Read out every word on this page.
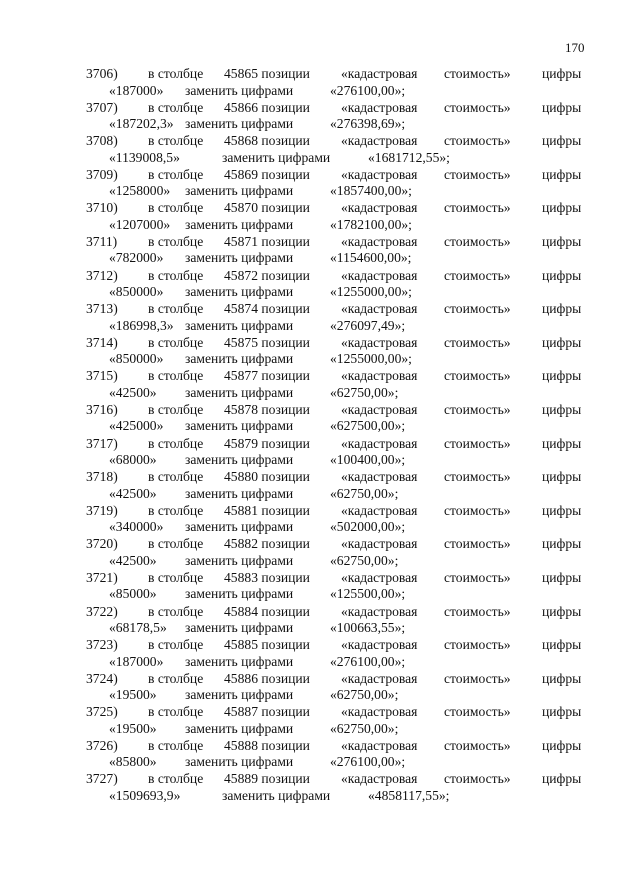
170
3706) в столбце 45865 позиции «кадастровая стоимость» цифры
«187000» заменить цифрами	«276100,00»;
3707) в столбце 45866 позиции «кадастровая стоимость» цифры
«187202,3» заменить цифрами	«276398,69»;
3708) в столбце 45868 позиции «кадастровая стоимость» цифры
«1139008,5»	заменить цифрами	«1681712,55»;
3709) в столбце 45869 позиции «кадастровая стоимость» цифры
«1258000» заменить цифрами	«1857400,00»;
3710) в столбце 45870 позиции «кадастровая стоимость» цифры
«1207000» заменить цифрами	«1782100,00»;
3711) в столбце 45871 позиции «кадастровая стоимость» цифры
«782000» заменить цифрами	«1154600,00»;
3712) в столбце 45872 позиции «кадастровая стоимость» цифры
«850000» заменить цифрами	«1255000,00»;
3713) в столбце 45874 позиции «кадастровая стоимость» цифры
«186998,3» заменить цифрами	«276097,49»;
3714) в столбце 45875 позиции «кадастровая стоимость» цифры
«850000» заменить цифрами	«1255000,00»;
3715) в столбце 45877 позиции «кадастровая стоимость» цифры
«42500» заменить цифрами	«62750,00»;
3716) в столбце 45878 позиции «кадастровая стоимость» цифры
«425000» заменить цифрами	«627500,00»;
3717) в столбце 45879 позиции «кадастровая стоимость» цифры
«68000» заменить цифрами	«100400,00»;
3718) в столбце 45880 позиции «кадастровая стоимость» цифры
«42500» заменить цифрами	«62750,00»;
3719) в столбце 45881 позиции «кадастровая стоимость» цифры
«340000» заменить цифрами	«502000,00»;
3720) в столбце 45882 позиции «кадастровая стоимость» цифры
«42500» заменить цифрами	«62750,00»;
3721) в столбце 45883 позиции «кадастровая стоимость» цифры
«85000» заменить цифрами	«125500,00»;
3722) в столбце 45884 позиции «кадастровая стоимость» цифры
«68178,5» заменить цифрами	«100663,55»;
3723) в столбце 45885 позиции «кадастровая стоимость» цифры
«187000» заменить цифрами	«276100,00»;
3724) в столбце 45886 позиции «кадастровая стоимость» цифры
«19500» заменить цифрами	«62750,00»;
3725) в столбце 45887 позиции «кадастровая стоимость» цифры
«19500» заменить цифрами	«62750,00»;
3726) в столбце 45888 позиции «кадастровая стоимость» цифры
«85800» заменить цифрами	«276100,00»;
3727) в столбце 45889 позиции «кадастровая стоимость» цифры
«1509693,9»	заменить цифрами	«4858117,55»;
